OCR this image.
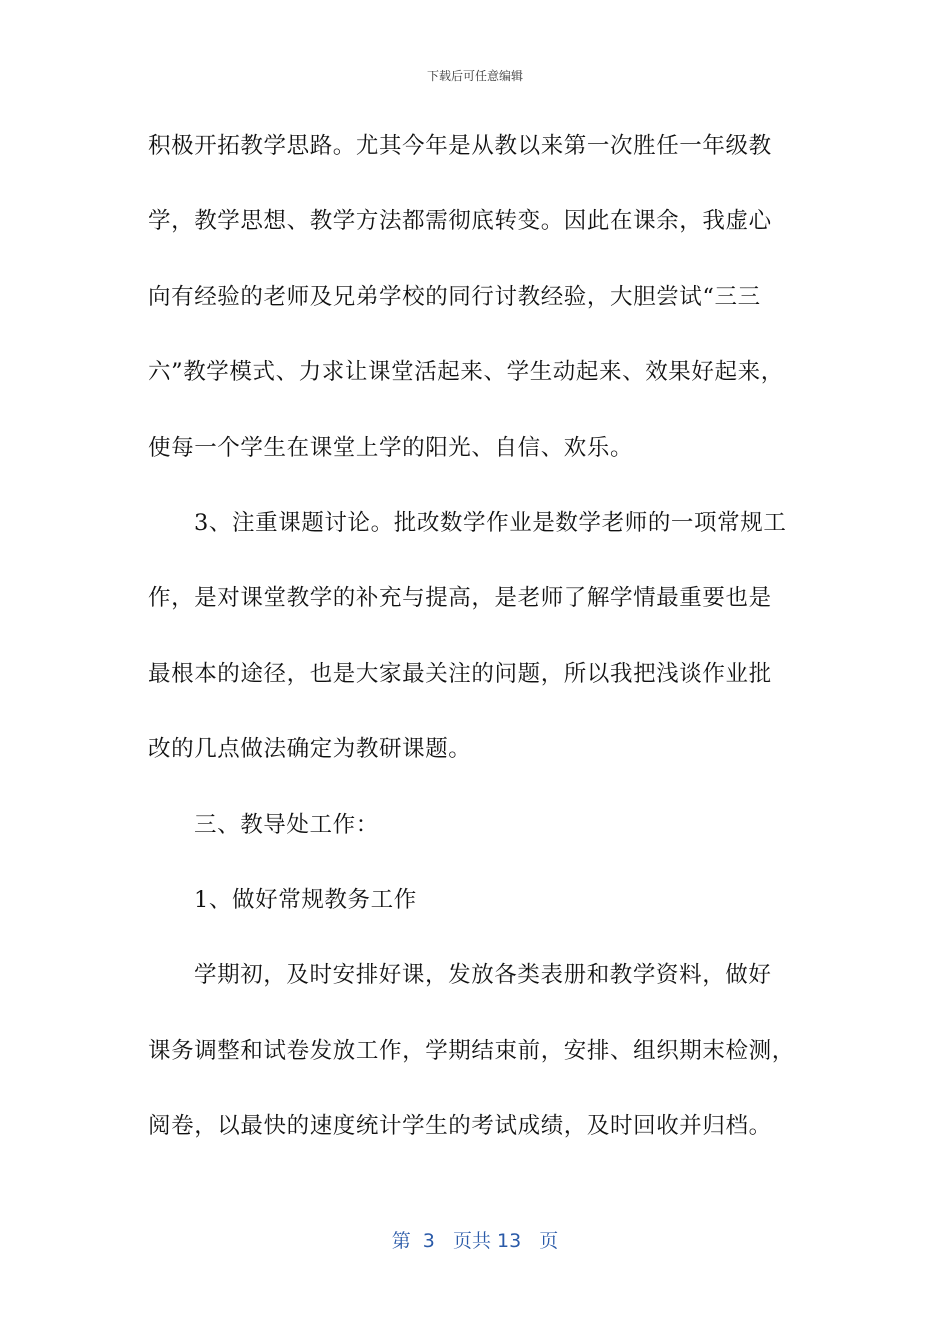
下载后可任意编辑
积极开拓教学思路。尤其今年是从教以来第一次胜任一年级教
学，教学思想、教学方法都需彻底转变。因此在课余，我虚心
向有经验的老师及兄弟学校的同行讨教经验，大胆尝试“三三
六”教学模式、力求让课堂活起来、学生动起来、效果好起来，
使每一个学生在课堂上学的阳光、自信、欢乐。
3、注重课题讨论。批改数学作业是数学老师的一项常规工
作，是对课堂教学的补充与提高，是老师了解学情最重要也是
最根本的途径，也是大家最关注的问题，所以我把浅谈作业批
改的几点做法确定为教研课题。
三、教导处工作：
1、做好常规教务工作
学期初，及时安排好课，发放各类表册和教学资料，做好
课务调整和试卷发放工作，学期结束前，安排、组织期末检测，
阅卷，以最快的速度统计学生的考试成绩，及时回收并归档。
第  3   页共 13   页
